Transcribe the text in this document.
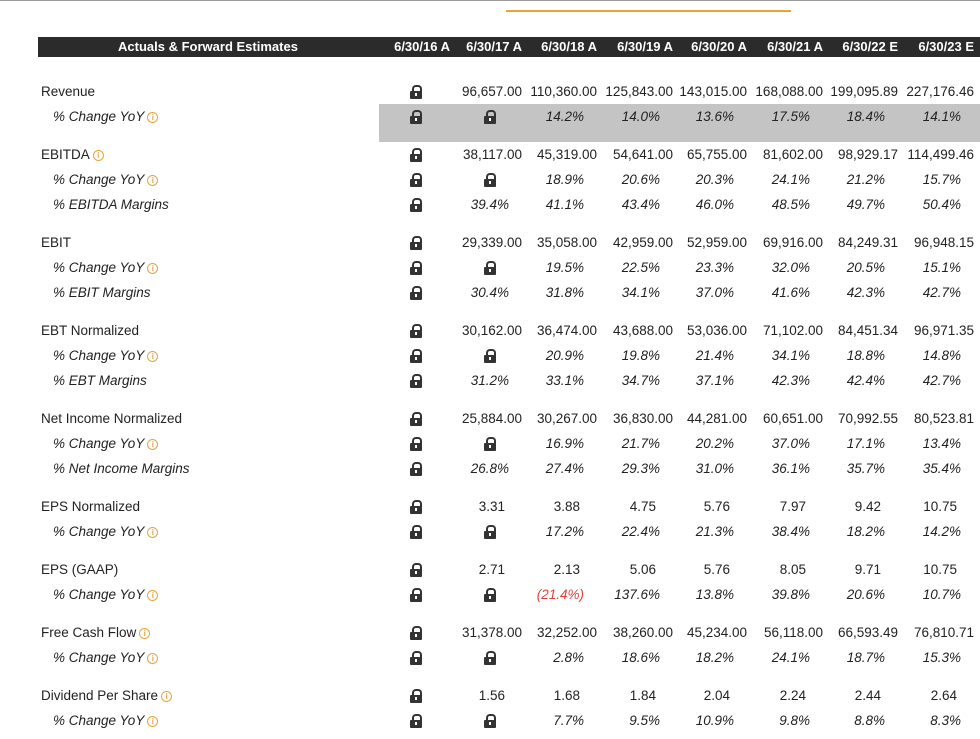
Actuals & Forward Estimates	6/30/16 A 6/30/17 A 6/30/18 A 6/30/19 A 6/30/20 A 6/30/21 A 6/30/22 E 6/30/23 E
Revenue	96,657.00 110,360.00 125,843.00 143,015.00 168,088.00 199,095.89 227,176.46
% Change YoY i	14.2%	14.0%	13.6%	17.5%	18.4%	14.1%
EBITDA i	38,117.00 45,319.00 54,641.00 65,755.00 81,602.00 98,929.17 114,499.46
% Change YoY i	18.9%	20.6%	20.3%	24.1%	21.2%	15.7%
% EBITDA Margins	39.4%	41.1%	43.4%	46.0%	48.5%	49.7%	50.4%
EBIT	29,339.00 35,058.00 42,959.00 52,959.00 69,916.00 84,249.31 96,948.15
% Change YoY i	19.5%	22.5%	23.3%	32.0%	20.5%	15.1%
% EBIT Margins	30.4%	31.8%	34.1%	37.0%	41.6%	42.3%	42.7%
EBT Normalized	30,162.00 36,474.00 43,688.00 53,036.00 71,102.00 84,451.34 96,971.35
% Change YoY i	20.9%	19.8%	21.4%	34.1%	18.8%	14.8%
% EBT Margins	31.2%	33.1%	34.7%	37.1%	42.3%	42.4%	42.7%
Net Income Normalized	25,884.00 30,267.00 36,830.00 44,281.00 60,651.00 70,992.55 80,523.81
% Change YoY i	16.9%	21.7%	20.2%	37.0%	17.1%	13.4%
% Net Income Margins	26.8%	27.4%	29.3%	31.0%	36.1%	35.7%	35.4%
EPS Normalized	3.31	3.88	4.75	5.76	7.97	9.42	10.75
% Change YoY i	17.2%	22.4%	21.3%	38.4%	18.2%	14.2%
EPS (GAAP)	2.71	2.13	5.06	5.76	8.05	9.71	10.75
% Change YoY i	(21.4%) 137.6%	13.8%	39.8%	20.6%	10.7%
Free Cash Flow i	31,378.00 32,252.00 38,260.00 45,234.00 56,118.00 66,593.49 76,810.71
% Change YoY i	2.8%	18.6%	18.2%	24.1%	18.7%	15.3%
Dividend Per Share i	1.56	1.68	1.84	2.04	2.24	2.44	2.64
% Change YoY i	7.7%	9.5%	10.9%	9.8%	8.8%	8.3%
